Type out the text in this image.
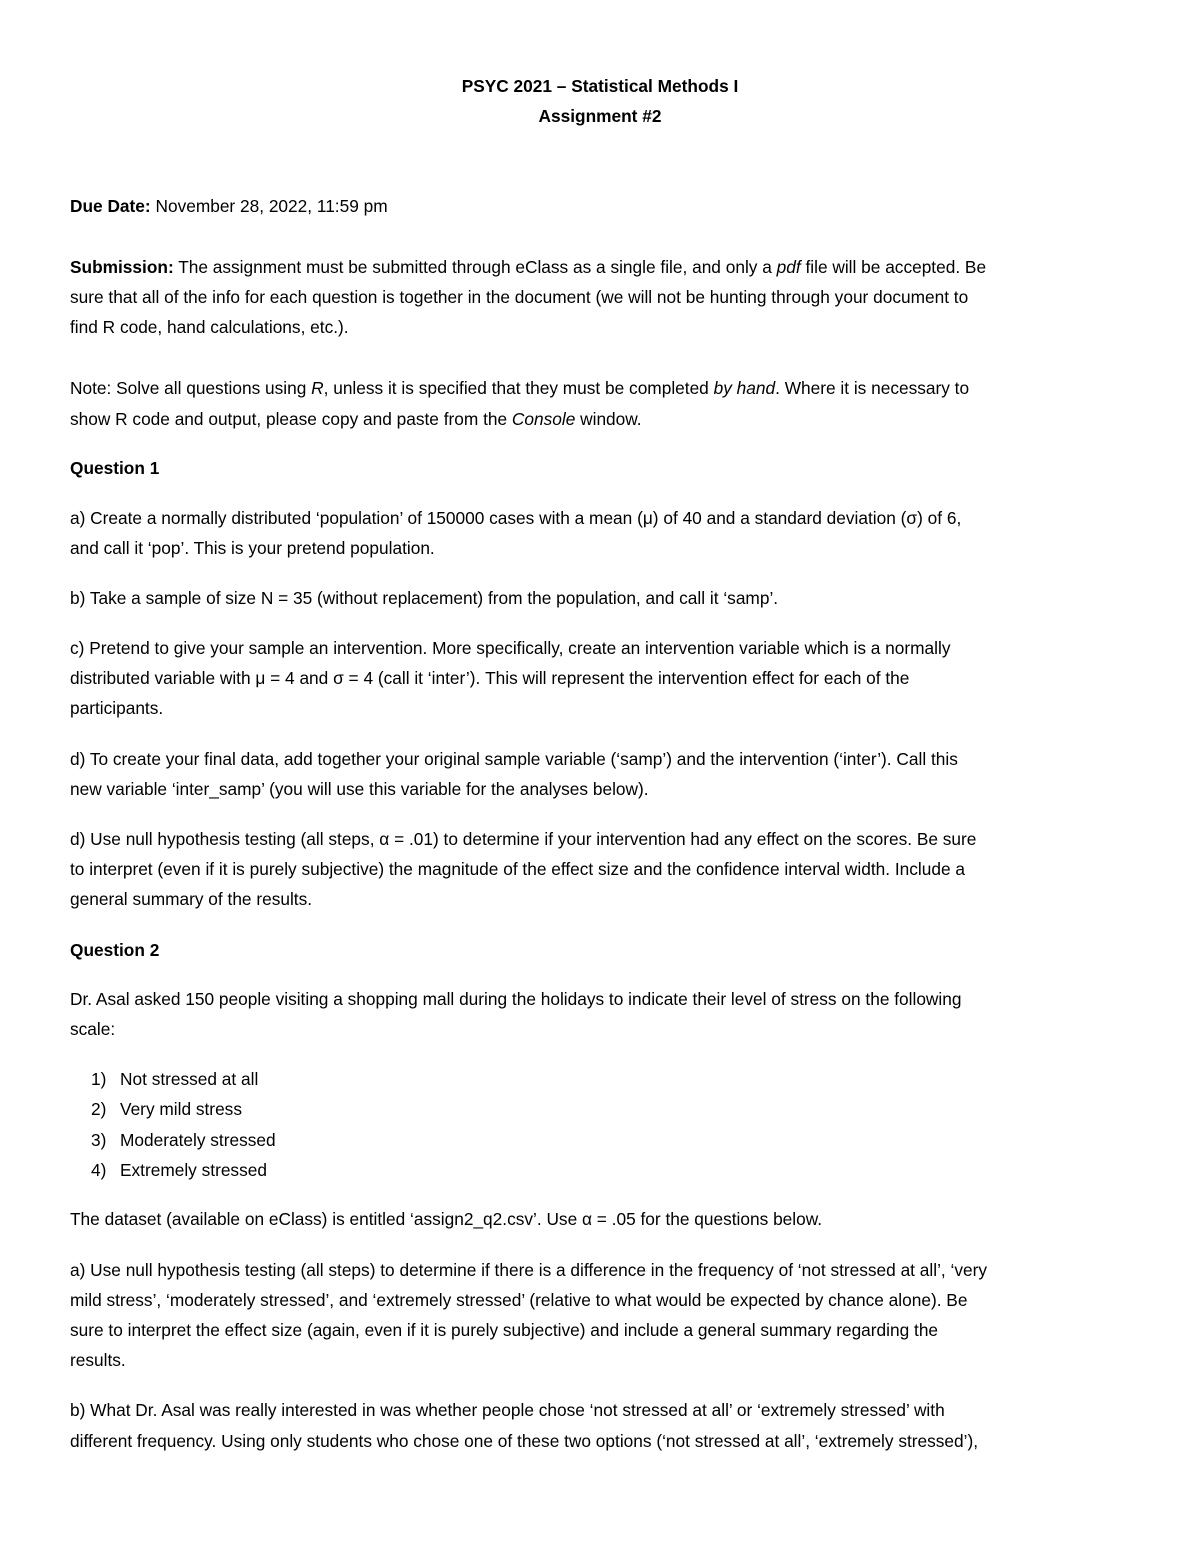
PSYC 2021 – Statistical Methods I
Assignment #2
Due Date: November 28, 2022, 11:59 pm
Submission: The assignment must be submitted through eClass as a single file, and only a pdf file will be accepted. Be
sure that all of the info for each question is together in the document (we will not be hunting through your document to
find R code, hand calculations, etc.).
Note: Solve all questions using R, unless it is specified that they must be completed by hand. Where it is necessary to
show R code and output, please copy and paste from the Console window.
Question 1
a) Create a normally distributed ‘population’ of 150000 cases with a mean (μ) of 40 and a standard deviation (σ) of 6,
and call it ‘pop’. This is your pretend population.
b) Take a sample of size N = 35 (without replacement) from the population, and call it ‘samp’.
c) Pretend to give your sample an intervention. More specifically, create an intervention variable which is a normally
distributed variable with μ = 4 and σ = 4 (call it ‘inter’). This will represent the intervention effect for each of the
participants.
d) To create your final data, add together your original sample variable (‘samp’) and the intervention (‘inter’). Call this
new variable ‘inter_samp’ (you will use this variable for the analyses below).
d) Use null hypothesis testing (all steps, α = .01) to determine if your intervention had any effect on the scores. Be sure
to interpret (even if it is purely subjective) the magnitude of the effect size and the confidence interval width. Include a
general summary of the results.
Question 2
Dr. Asal asked 150 people visiting a shopping mall during the holidays to indicate their level of stress on the following
scale:
1) Not stressed at all
2) Very mild stress
3) Moderately stressed
4) Extremely stressed
The dataset (available on eClass) is entitled ‘assign2_q2.csv’. Use α = .05 for the questions below.
a) Use null hypothesis testing (all steps) to determine if there is a difference in the frequency of ‘not stressed at all’, ‘very
mild stress’, ‘moderately stressed’, and ‘extremely stressed’ (relative to what would be expected by chance alone). Be
sure to interpret the effect size (again, even if it is purely subjective) and include a general summary regarding the
results.
b) What Dr. Asal was really interested in was whether people chose ‘not stressed at all’ or ‘extremely stressed’ with
different frequency. Using only students who chose one of these two options (‘not stressed at all’, ‘extremely stressed’),
